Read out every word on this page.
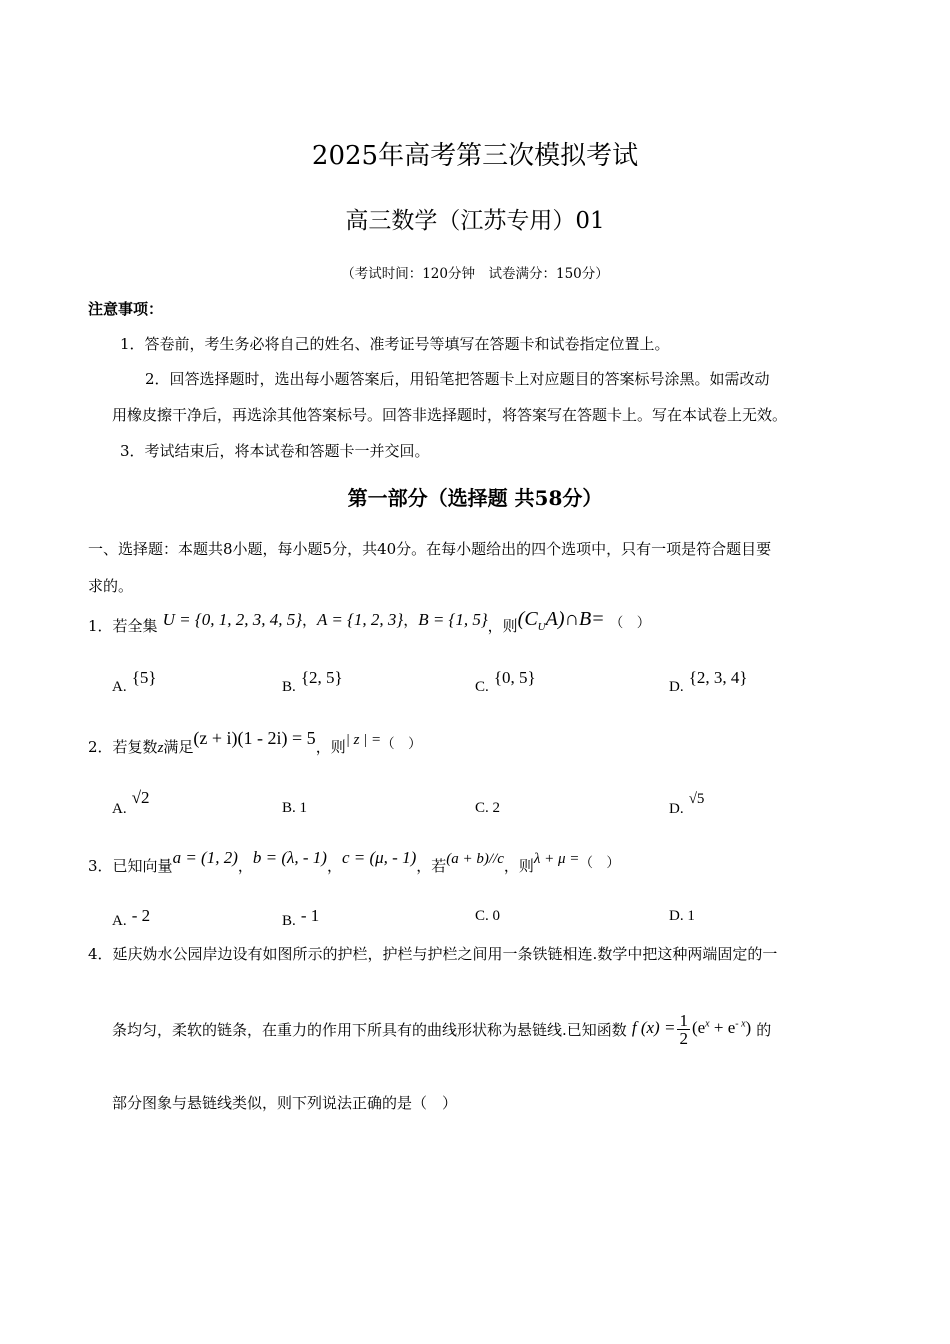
2025年高考第三次模拟考试
高三数学（江苏专用）01
（考试时间：120分钟　试卷满分：150分）
注意事项：
1．答卷前，考生务必将自己的姓名、准考证号等填写在答题卡和试卷指定位置上。
2．回答选择题时，选出每小题答案后，用铅笔把答题卡上对应题目的答案标号涂黑。如需改动
用橡皮擦干净后，再选涂其他答案标号。回答非选择题时，将答案写在答题卡上。写在本试卷上无效。
3．考试结束后，将本试卷和答题卡一并交回。
第一部分（选择题 共58分）
一、选择题：本题共8小题，每小题5分，共40分。在每小题给出的四个选项中，只有一项是符合题目要
求的。
1．若全集 U = {0, 1, 2, 3, 4, 5}，A = {1, 2, 3}，B = {1, 5}，则$(C_UA)\cap B=$ （　）
A. {5}	B. {2, 5}	C. {0, 5}	D. {2, 3, 4}
2．若复数z满足(z + i)(1 - 2i) = 5，则| z | $=_{( )}$
A. √2
B. 1	C. 2	D. √5
3．已知向量a = (1, 2)，b = (λ, - 1)，c = (μ, - 1)，若(a + b)//c，则$\lambda + \mu =_{( )}$
A. - 2	B. - 1	C. 0	D. 1
4．延庆妫水公园岸边设有如图所示的护栏，护栏与护栏之间用一条铁链相连.数学中把这种两端固定的一
条均匀，柔软的链条，在重力的作用下所具有的曲线形状称为悬链线.已知函数 f $(x) = \frac{1}{2} (e^x + e^{- x})$ 的
部分图象与悬链线类似，则下列说法正确的是（　）
